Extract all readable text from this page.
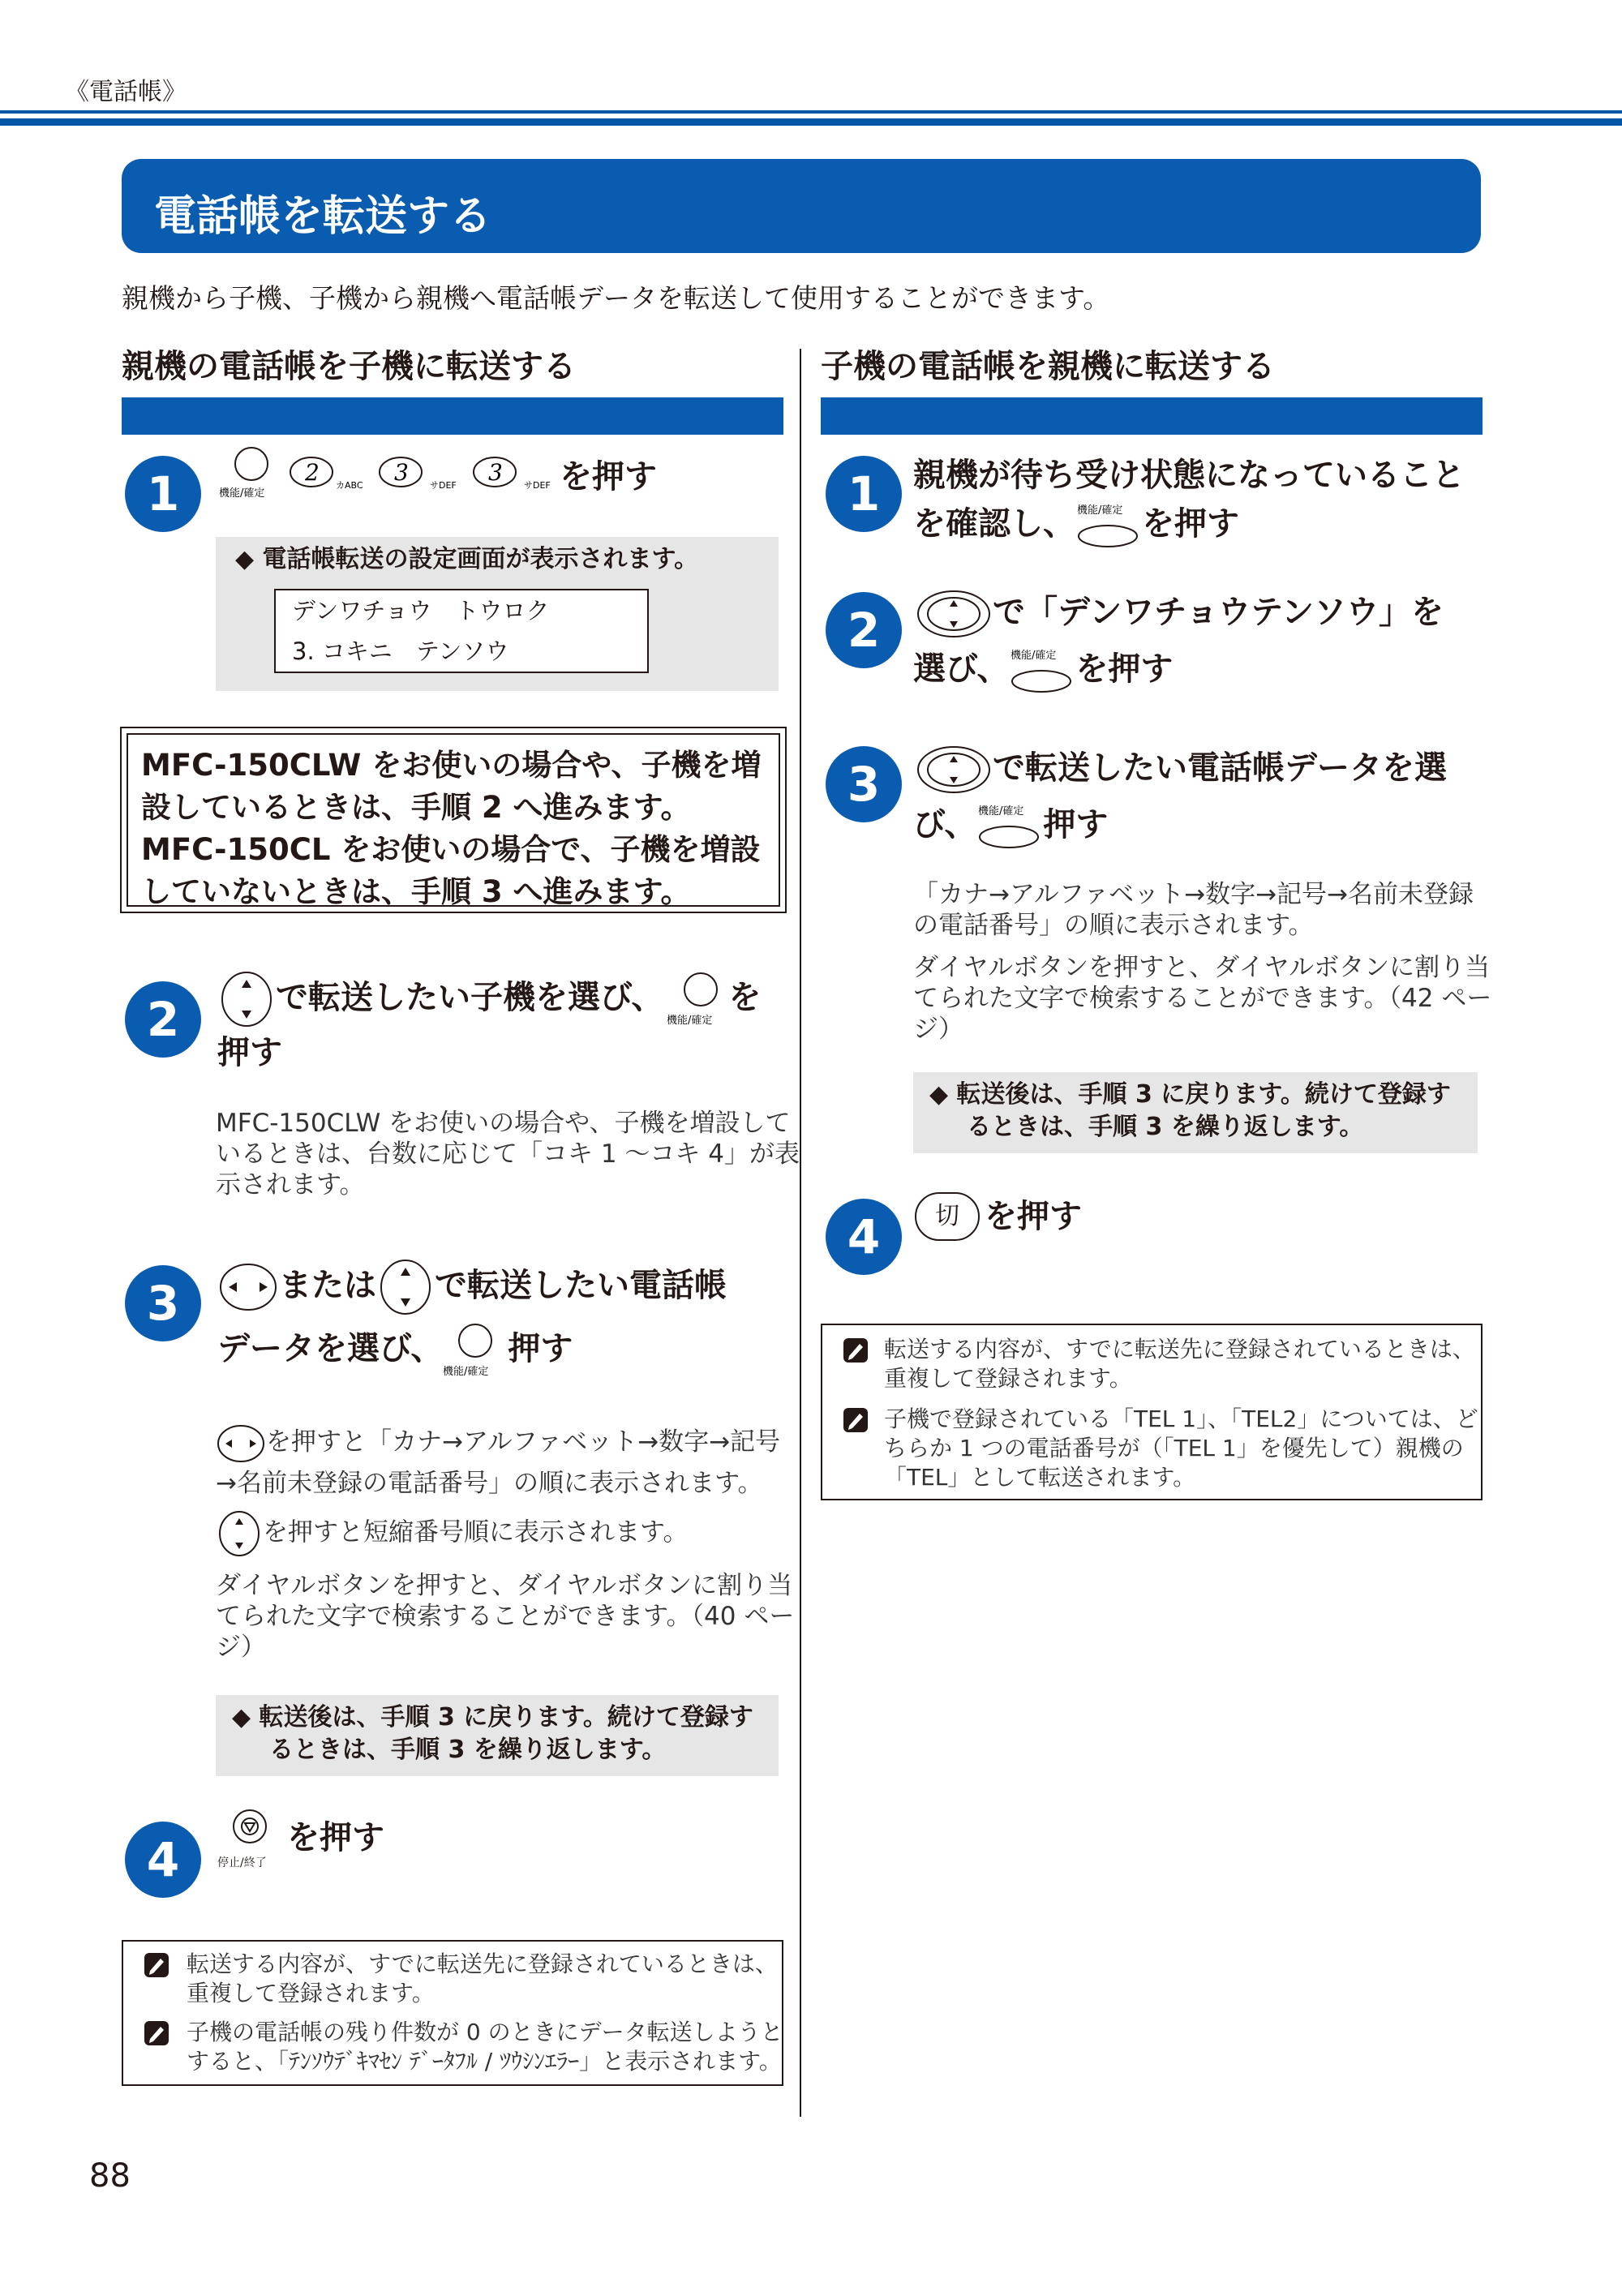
《電話帳》
電話帳を転送する
親機から子機、子機から親機へ電話帳データを転送して使用することができます。
親機の電話帳を子機に転送する
1	機能/確定
2 カABC 3 サDEF 3 サDEF を押す
◆ 電話帳転送の設定画面が表示されます。
デンワチョウ　トウロク
3. コキニ　テンソウ
MFC-150CLW をお使いの場合や、子機を増
設しているときは、手順 2 へ進みます。
MFC-150CL をお使いの場合で、子機を増設
していないときは、手順 3 へ進みます。
2	で転送したい子機を選び、
機能/確定
を
押す
MFC-150CLW をお使いの場合や、子機を増設して
いるときは、台数に応じて「コキ 1 〜コキ 4」が表
示されます。
3	または で転送したい電話帳
データを選び、
機能/確定
押す
を押すと「カナ→アルファベット→数字→記号
→名前未登録の電話番号」の順に表示されます。
を押すと短縮番号順に表示されます。
ダイヤルボタンを押すと、ダイヤルボタンに割り当
てられた文字で検索することができます。（40 ペー
ジ）
◆ 転送後は、手順 3 に戻ります。続けて登録す
るときは、手順 3 を繰り返します。
4	停止/終了
を押す
転送する内容が、すでに転送先に登録されているときは、
重複して登録されます。
子機の電話帳の残り件数が 0 のときにデータ転送しようと
すると、「ﾃﾝｿｳﾃﾞｷﾏｾﾝ ﾃﾞｰﾀﾌﾙ / ﾂｳｼﾝｴﾗｰ」と表示されます。
子機の電話帳を親機に転送する
1	親機が待ち受け状態になっていること
を確認し、 機能/確定 を押す
2	で「デンワチョウテンソウ」を
選び、 機能/確定 を押す
3	で転送したい電話帳データを選
び、 機能/確定 押す
「カナ→アルファベット→数字→記号→名前未登録
の電話番号」の順に表示されます。
ダイヤルボタンを押すと、ダイヤルボタンに割り当
てられた文字で検索することができます。（42 ペー
ジ）
◆ 転送後は、手順 3 に戻ります。続けて登録す
るときは、手順 3 を繰り返します。
4	切 を押す
転送する内容が、すでに転送先に登録されているときは、
重複して登録されます。
子機で登録されている「TEL 1」、「TEL2」については、ど
ちらか 1 つの電話番号が（「TEL 1」を優先して）親機の
「TEL」として転送されます。
88
